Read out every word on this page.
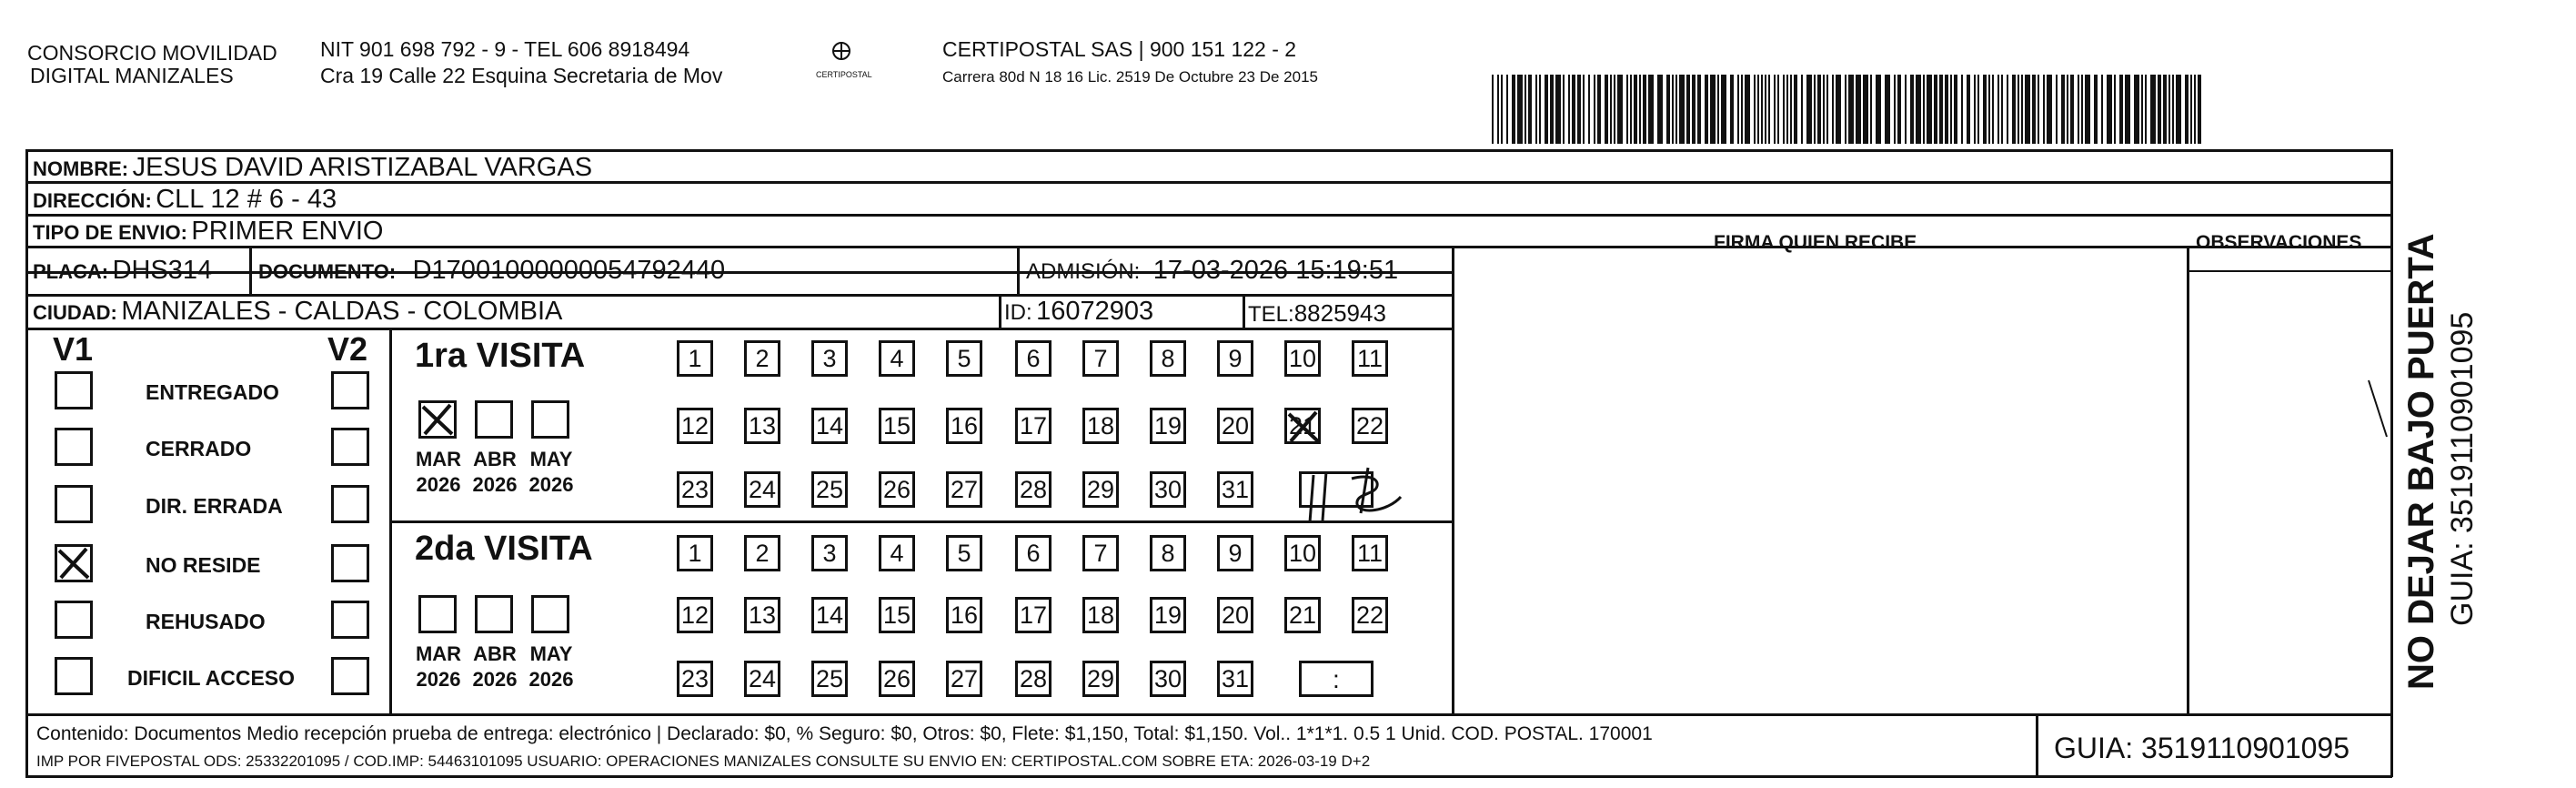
CONSORCIO MOVILIDAD
DIGITAL MANIZALES
NIT 901 698 792 - 9 - TEL 606 8918494
Cra 19 Calle 22 Esquina Secretaria de Mov	CERTIPOSTAL
CERTIPOSTAL SAS | 900 151 122 - 2
Carrera 80d N 18 16 Lic. 2519 De Octubre 23 De 2015
NOMBRE: JESUS DAVID ARISTIZABAL VARGAS
DIRECCIÓN: CLL 12 # 6 - 43
TIPO DE ENVIO: PRIMER ENVIO
PLACA: DHS314 DOCUMENTO: D17001000000054792440	ADMISIÓN: 17-03-2026 15:19:51
CIUDAD: MANIZALES - CALDAS - COLOMBIA	ID: 16072903	TEL:8825943
FIRMA QUIEN RECIBE	OBSERVACIONES
V1	V2
ENTREGADO
CERRADO
DIR. ERRADA
NO RESIDE
REHUSADO
DIFICIL ACCESO
1ra VISITA
2da VISITA
MAR
2026
ABR
2026
MAY
2026
MAR
2026
ABR
2026
MAY
2026
1 2 3 4 5 6 7 8 9 10 11
12 13 14 15 16 17 18 19 20 21 22
23 24 25 26 27 28 29 30 31
1 2 3 4 5 6 7 8 9 10 11
12 13 14 15 16 17 18 19 20 21 22
23 24 25 26 27 28 29 30 31	:
Contenido: Documentos Medio recepción prueba de entrega: electrónico | Declarado: $0, % Seguro: $0, Otros: $0, Flete: $1,150, Total: $1,150. Vol.. 1*1*1. 0.5 1 Unid. COD. POSTAL. 170001
IMP POR FIVEPOSTAL ODS: 25332201095 / COD.IMP: 54463101095 USUARIO: OPERACIONES MANIZALES CONSULTE SU ENVIO EN: CERTIPOSTAL.COM SOBRE ETA: 2026-03-19 D+2	GUIA: 3519110901095
NO DEJAR BAJO PUERTA GUIA: 3519110901095
